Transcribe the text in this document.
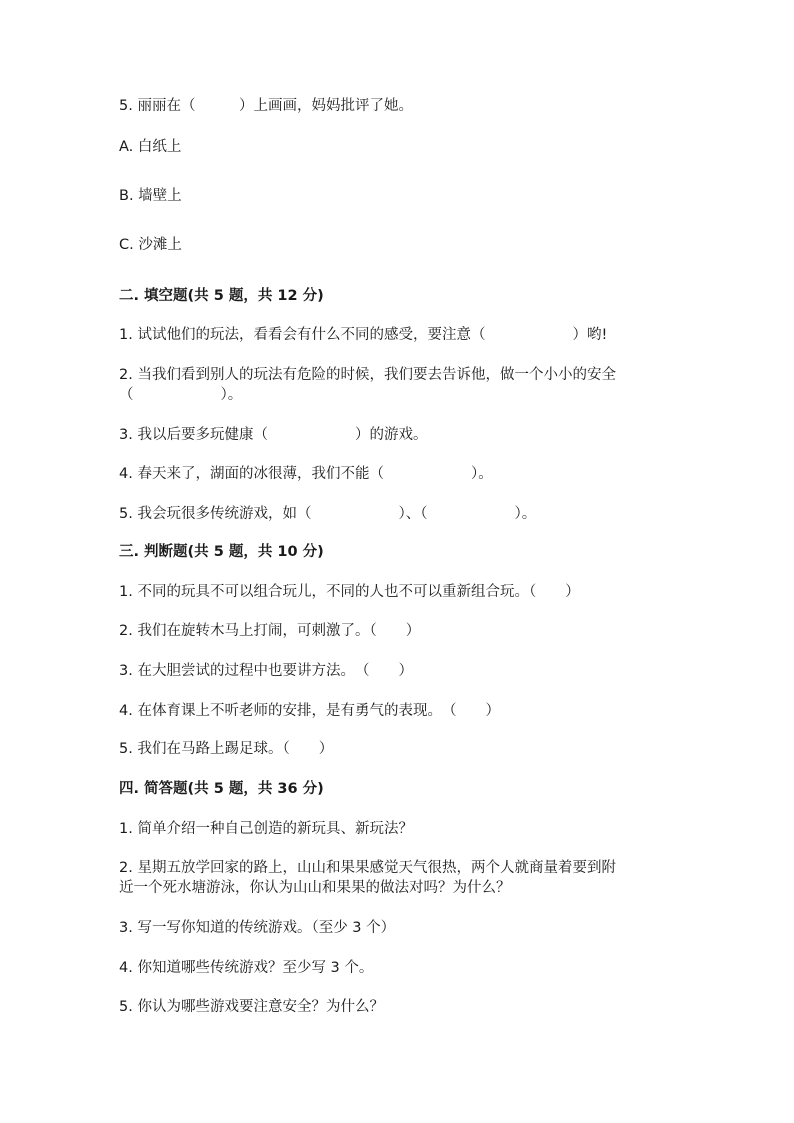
5. 丽丽在（　　　）上画画，妈妈批评了她。
A. 白纸上
B. 墙壁上
C. 沙滩上
二. 填空题(共 5 题，共 12 分)
1. 试试他们的玩法，看看会有什么不同的感受，要注意（　　　　　　）哟!
2. 当我们看到别人的玩法有危险的时候，我们要去告诉他，做一个小小的安全
（　　　　　　）。
3. 我以后要多玩健康（　　　　　　）的游戏。
4. 春天来了，湖面的冰很薄，我们不能（　　　　　　）。
5. 我会玩很多传统游戏，如（　　　　　　）、（　　　　　　）。
三. 判断题(共 5 题，共 10 分)
1. 不同的玩具不可以组合玩儿，不同的人也不可以重新组合玩。（　　）
2. 我们在旋转木马上打闹，可刺激了。（　　）
3. 在大胆尝试的过程中也要讲方法。　（　　）
4. 在体育课上不听老师的安排，是有勇气的表现。　（　　）
5. 我们在马路上踢足球。（　　）
四. 简答题(共 5 题，共 36 分)
1. 简单介绍一种自己创造的新玩具、新玩法？
2. 星期五放学回家的路上，山山和果果感觉天气很热，两个人就商量着要到附
近一个死水塘游泳，你认为山山和果果的做法对吗？为什么？
3. 写一写你知道的传统游戏。（至少 3 个）
4. 你知道哪些传统游戏？至少写 3 个。
5. 你认为哪些游戏要注意安全？为什么？
